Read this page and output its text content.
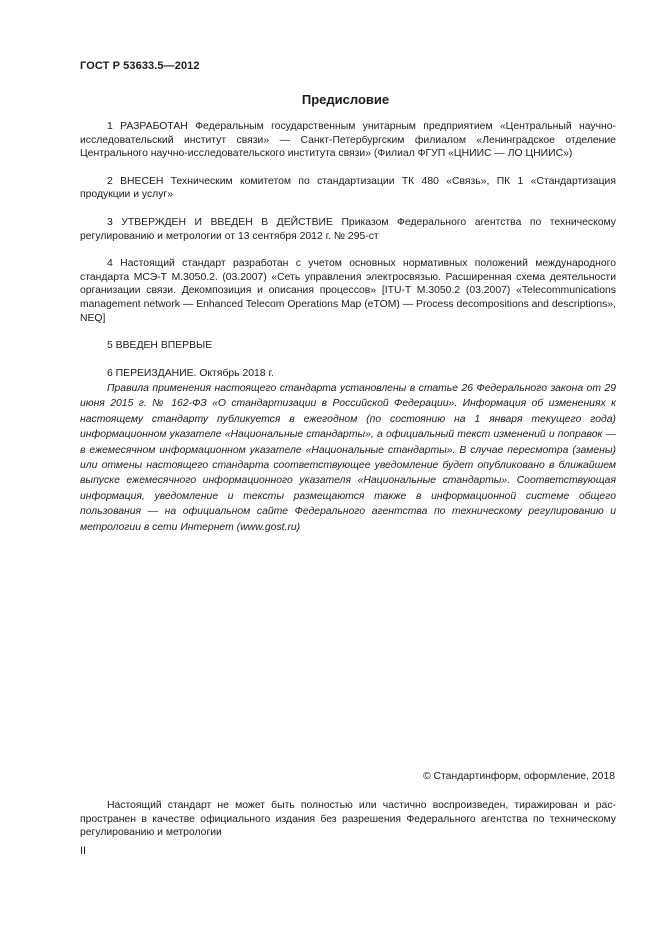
ГОСТ Р 53633.5—2012
Предисловие

1 РАЗРАБОТАН Федеральным государственным унитарным предприятием «Центральный научно-исследовательский институт связи» — Санкт-Петербургским филиалом «Ленинградское отделение Центрального научно-исследовательского института связи» (Филиал ФГУП «ЦНИИС — ЛО ЦНИИС»)

2 ВНЕСЕН Техническим комитетом по стандартизации ТК 480 «Связь», ПК 1 «Стандартизация продукции и услуг»

3 УТВЕРЖДЕН И ВВЕДЕН В ДЕЙСТВИЕ Приказом Федерального агентства по техническому регулированию и метрологии от 13 сентября 2012 г. № 295-ст

4 Настоящий стандарт разработан с учетом основных нормативных положений международного стандарта МСЭ-Т М.3050.2. (03.2007) «Сеть управления электросвязью. Расширенная схема деятельности организации связи. Декомпозиция и описания процессов» [ITU-T M.3050.2 (03.2007) «Telecommunications management network — Enhanced Telecom Operations Map (eTOM) — Process decompositions and descriptions», NEQ]

5 ВВЕДЕН ВПЕРВЫЕ

6 ПЕРЕИЗДАНИЕ. Октябрь 2018 г.

Правила применения настоящего стандарта установлены в статье 26 Федерального закона от 29 июня 2015 г. № 162-ФЗ «О стандартизации в Российской Федерации». Информация об изменениях к настоящему стандарту публикуется в ежегодном (по состоянию на 1 января текущего года) информационном указателе «Национальные стандарты», а официальный текст изменений и поправок — в ежемесячном информационном указателе «Национальные стандарты». В случае пересмотра (замены) или отмены настоящего стандарта соответствующее уведомление будет опубликовано в ближайшем выпуске ежемесячного информационного указателя «Национальные стандарты». Соответствующая информация, уведомление и тексты размещаются также в информационной системе общего пользования — на официальном сайте Федерального агентства по техническому регулированию и метрологии в сети Интернет (www.gost.ru)

© Стандартинформ, оформление, 2018

Настоящий стандарт не может быть полностью или частично воспроизведен, тиражирован и распространен в качестве официального издания без разрешения Федерального агентства по техническому регулированию и метрологии

II
